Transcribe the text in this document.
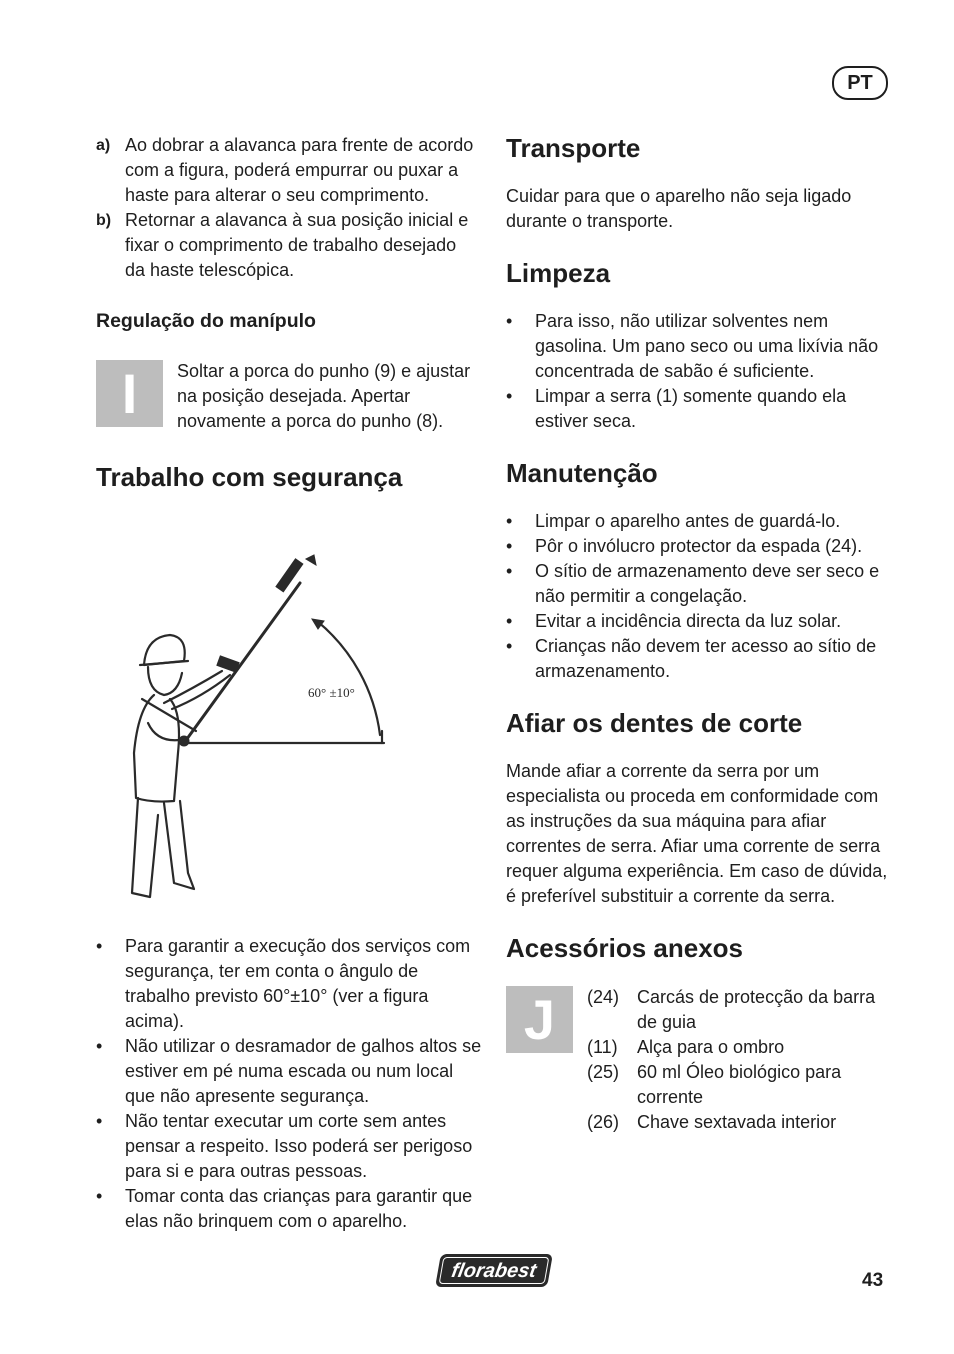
PT
a) Ao dobrar a alavanca para frente de acordo com a figura, poderá empurrar ou puxar a haste para alterar o seu comprimento.
b) Retornar a alavanca à sua posição inicial e fixar o comprimento de trabalho desejado da haste telescópica.
Regulação do manípulo
I	Soltar a porca do punho (9) e ajustar na posição desejada. Apertar novamente a porca do punho (8).

Trabalho com segurança
60° ±10°
• Para garantir a execução dos serviços com segurança, ter em conta o ângulo de trabalho previsto 60°±10° (ver a figura acima).
• Não utilizar o desramador de galhos altos se estiver em pé numa escada ou num local que não apresente segurança.
• Não tentar executar um corte sem antes pensar a respeito. Isso poderá ser perigoso para si e para outras pessoas.
• Tomar conta das crianças para garantir que elas não brinquem com o aparelho.
Transporte

Cuidar para que o aparelho não seja ligado durante o transporte.

Limpeza
• Para isso, não utilizar solventes nem gasolina. Um pano seco ou uma lixívia não concentrada de sabão é suficiente.
• Limpar a serra (1) somente quando ela estiver seca.
Manutenção
• Limpar o aparelho antes de guardá-lo.
• Pôr o invólucro protector da espada (24).
• O sítio de armazenamento deve ser seco e não permitir a congelação.
• Evitar a incidência directa da luz solar.
• Crianças não devem ter acesso ao sítio de armazenamento.
Afiar os dentes de corte

Mande afiar a corrente da serra por um especialista ou proceda em conformidade com as instruções da sua máquina para afiar correntes de serra. Afiar uma corrente de serra requer alguma experiência. Em caso de dúvida, é preferível substituir a corrente da serra.

Acessórios anexos
J	(24) Carcás de protecção da barra de guia
(11)	Alça para o ombro
(25) 60 ml Óleo biológico para corrente
(26) Chave sextavada interior
florabest	43
